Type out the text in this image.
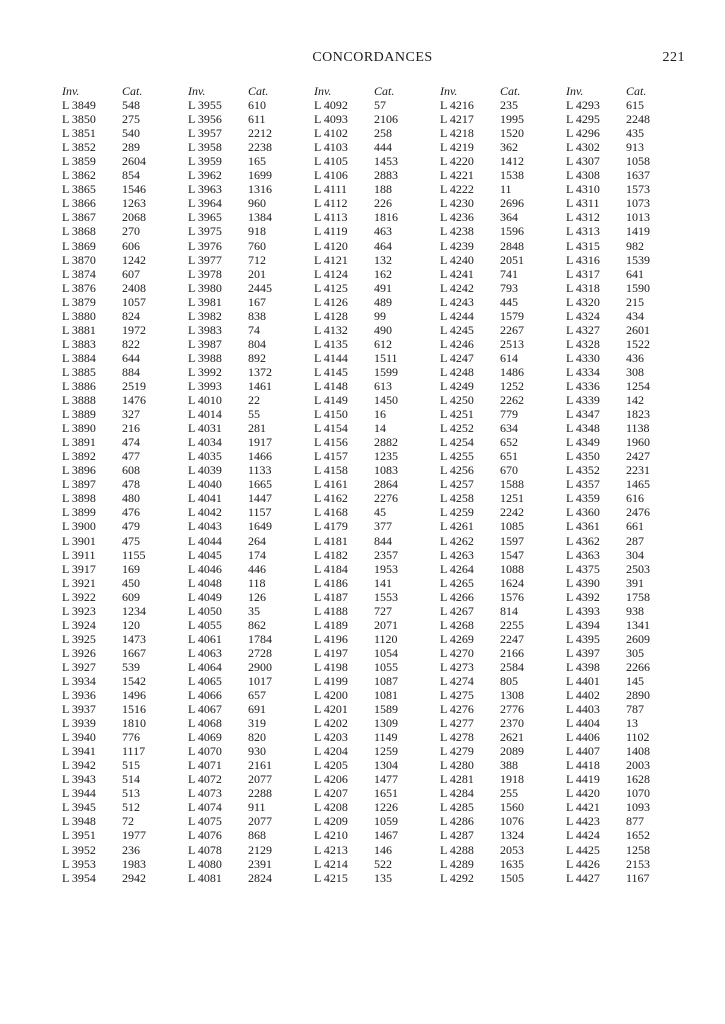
CONCORDANCES	221
Inv.	Cat.
L 3849	548
L 3850	275
L 3851	540
L 3852	289
L 3859	2604
L 3862	854
L 3865	1546
L 3866	1263
L 3867	2068
L 3868	270
L 3869	606
L 3870	1242
L 3874	607
L 3876	2408
L 3879	1057
L 3880	824
L 3881	1972
L 3883	822
L 3884	644
L 3885	884
L 3886	2519
L 3888	1476
L 3889	327
L 3890	216
L 3891	474
L 3892	477
L 3896	608
L 3897	478
L 3898	480
L 3899	476
L 3900	479
L 3901	475
L 3911	1155
L 3917	169
L 3921	450
L 3922	609
L 3923	1234
L 3924	120
L 3925	1473
L 3926	1667
L 3927	539
L 3934	1542
L 3936	1496
L 3937	1516
L 3939	1810
L 3940	776
L 3941	1117
L 3942	515
L 3943	514
L 3944	513
L 3945	512
L 3948	72
L 3951	1977
L 3952	236
L 3953	1983
L 3954	2942
Inv.	Cat.
L 3955	610
L 3956	611
L 3957	2212
L 3958	2238
L 3959	165
L 3962	1699
L 3963	1316
L 3964	960
L 3965	1384
L 3975	918
L 3976	760
L 3977	712
L 3978	201
L 3980	2445
L 3981	167
L 3982	838
L 3983	74
L 3987	804
L 3988	892
L 3992	1372
L 3993	1461
L 4010	22
L 4014	55
L 4031	281
L 4034	1917
L 4035	1466
L 4039	1133
L 4040	1665
L 4041	1447
L 4042	1157
L 4043	1649
L 4044	264
L 4045	174
L 4046	446
L 4048	118
L 4049	126
L 4050	35
L 4055	862
L 4061	1784
L 4063	2728
L 4064	2900
L 4065	1017
L 4066	657
L 4067	691
L 4068	319
L 4069	820
L 4070	930
L 4071	2161
L 4072	2077
L 4073	2288
L 4074	911
L 4075	2077
L 4076	868
L 4078	2129
L 4080	2391
L 4081	2824
Inv.	Cat.
L 4092	57
L 4093	2106
L 4102	258
L 4103	444
L 4105	1453
L 4106	2883
L 4111	188
L 4112	226
L 4113	1816
L 4119	463
L 4120	464
L 4121	132
L 4124	162
L 4125	491
L 4126	489
L 4128	99
L 4132	490
L 4135	612
L 4144	1511
L 4145	1599
L 4148	613
L 4149	1450
L 4150	16
L 4154	14
L 4156	2882
L 4157	1235
L 4158	1083
L 4161	2864
L 4162	2276
L 4168	45
L 4179	377
L 4181	844
L 4182	2357
L 4184	1953
L 4186	141
L 4187	1553
L 4188	727
L 4189	2071
L 4196	1120
L 4197	1054
L 4198	1055
L 4199	1087
L 4200	1081
L 4201	1589
L 4202	1309
L 4203	1149
L 4204	1259
L 4205	1304
L 4206	1477
L 4207	1651
L 4208	1226
L 4209	1059
L 4210	1467
L 4213	146
L 4214	522
L 4215	135
Inv.	Cat.
L 4216	235
L 4217	1995
L 4218	1520
L 4219	362
L 4220	1412
L 4221	1538
L 4222	11
L 4230	2696
L 4236	364
L 4238	1596
L 4239	2848
L 4240	2051
L 4241	741
L 4242	793
L 4243	445
L 4244	1579
L 4245	2267
L 4246	2513
L 4247	614
L 4248	1486
L 4249	1252
L 4250	2262
L 4251	779
L 4252	634
L 4254	652
L 4255	651
L 4256	670
L 4257	1588
L 4258	1251
L 4259	2242
L 4261	1085
L 4262	1597
L 4263	1547
L 4264	1088
L 4265	1624
L 4266	1576
L 4267	814
L 4268	2255
L 4269	2247
L 4270	2166
L 4273	2584
L 4274	805
L 4275	1308
L 4276	2776
L 4277	2370
L 4278	2621
L 4279	2089
L 4280	388
L 4281	1918
L 4284	255
L 4285	1560
L 4286	1076
L 4287	1324
L 4288	2053
L 4289	1635
L 4292	1505
Inv.	Cat.
L 4293	615
L 4295	2248
L 4296	435
L 4302	913
L 4307	1058
L 4308	1637
L 4310	1573
L 4311	1073
L 4312	1013
L 4313	1419
L 4315	982
L 4316	1539
L 4317	641
L 4318	1590
L 4320	215
L 4324	434
L 4327	2601
L 4328	1522
L 4330	436
L 4334	308
L 4336	1254
L 4339	142
L 4347	1823
L 4348	1138
L 4349	1960
L 4350	2427
L 4352	2231
L 4357	1465
L 4359	616
L 4360	2476
L 4361	661
L 4362	287
L 4363	304
L 4375	2503
L 4390	391
L 4392	1758
L 4393	938
L 4394	1341
L 4395	2609
L 4397	305
L 4398	2266
L 4401	145
L 4402	2890
L 4403	787
L 4404	13
L 4406	1102
L 4407	1408
L 4418	2003
L 4419	1628
L 4420	1070
L 4421	1093
L 4423	877
L 4424	1652
L 4425	1258
L 4426	2153
L 4427	1167
